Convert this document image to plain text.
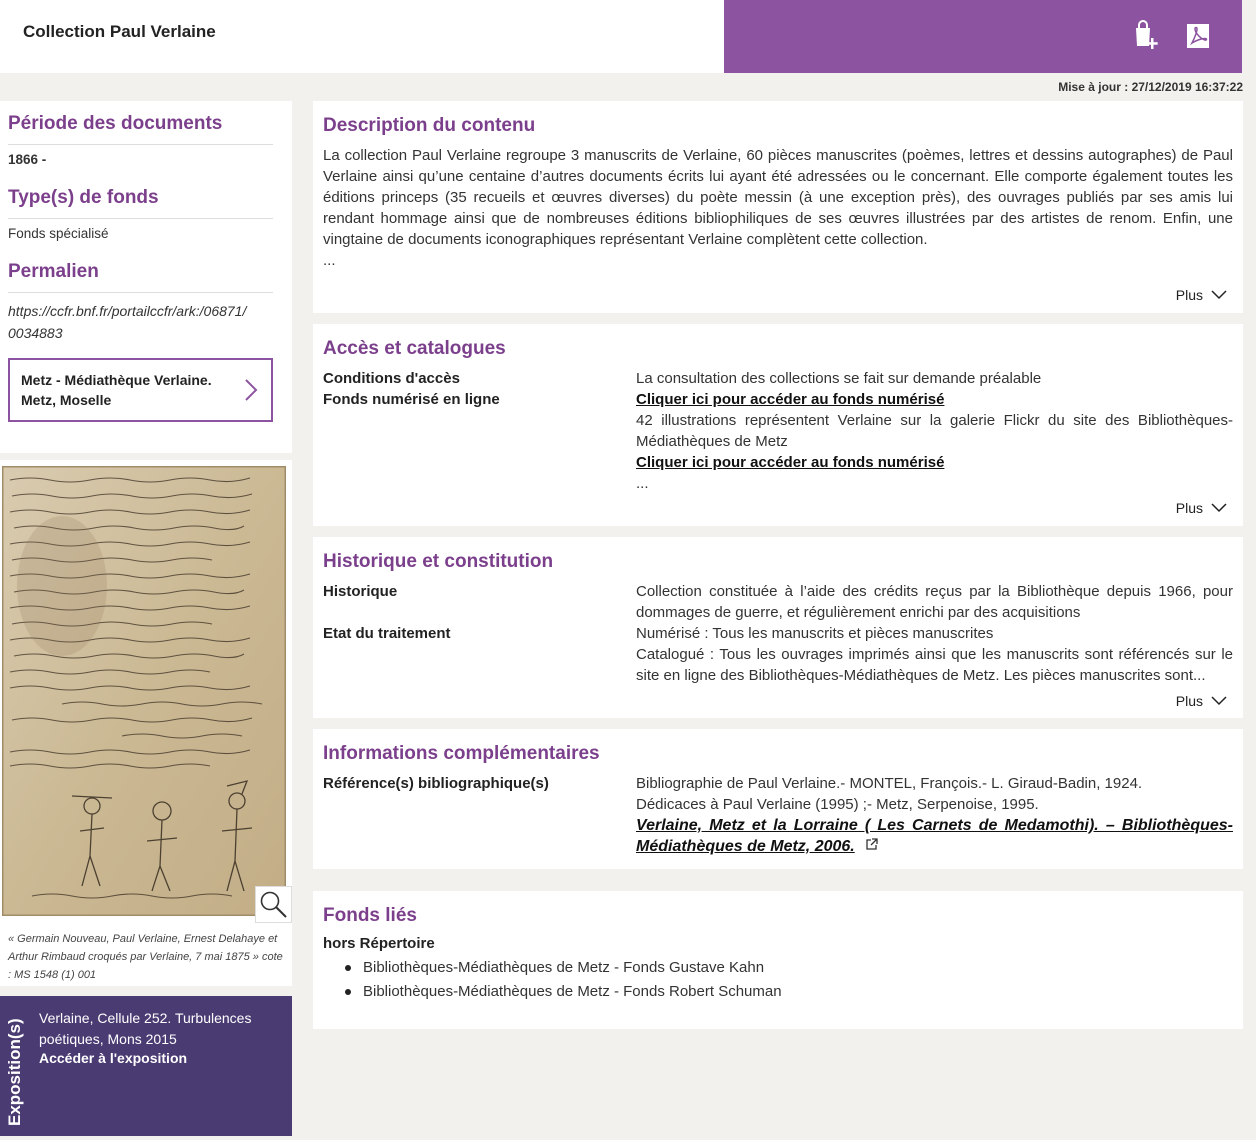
Collection Paul Verlaine
Mise à jour : 27/12/2019 16:37:22
Période des documents
1866 -
Type(s) de fonds
Fonds spécialisé
Permalien
https://ccfr.bnf.fr/portailccfr/ark:/06871/
0034883
Metz - Médiathèque Verlaine. Metz, Moselle
« Germain Nouveau, Paul Verlaine, Ernest Delahaye et Arthur Rimbaud croqués par Verlaine, 7 mai 1875 » cote : MS 1548 (1) 001
Exposition(s)
Verlaine, Cellule 252. Turbulences poétiques, Mons 2015
Accéder à l'exposition
Description du contenu
La collection Paul Verlaine regroupe 3 manuscrits de Verlaine, 60 pièces manuscrites (poèmes, lettres et dessins autographes) de Paul Verlaine ainsi qu’une centaine d’autres documents écrits lui ayant été adressées ou le concernant. Elle comporte également toutes les éditions princeps (35 recueils et œuvres diverses) du poète messin (à une exception près), des ouvrages publiés par ses amis lui rendant hommage ainsi que de nombreuses éditions bibliophiliques de ses œuvres illustrées par des artistes de renom. Enfin, une vingtaine de documents iconographiques représentant Verlaine complètent cette collection.
...
Plus
Accès et catalogues
Conditions d'accès	La consultation des collections se fait sur demande préalable
Fonds numérisé en ligne	Cliquer ici pour accéder au fonds numérisé
42 illustrations représentent Verlaine sur la galerie Flickr du site des Bibliothèques-Médiathèques de Metz
Cliquer ici pour accéder au fonds numérisé
...
Plus
Historique et constitution
Historique	Collection constituée à l’aide des crédits reçus par la Bibliothèque depuis 1966, pour dommages de guerre, et régulièrement enrichi par des acquisitions
Etat du traitement	Numérisé : Tous les manuscrits et pièces manuscrites
Catalogué : Tous les ouvrages imprimés ainsi que les manuscrits sont référencés sur le site en ligne des Bibliothèques-Médiathèques de Metz. Les pièces manuscrites sont...
Plus
Informations complémentaires
Référence(s) bibliographique(s)	Bibliographie de Paul Verlaine.- MONTEL, François.- L. Giraud-Badin, 1924.
Dédicaces à Paul Verlaine (1995) ;- Metz, Serpenoise, 1995.
Verlaine, Metz et la Lorraine ( Les Carnets de Medamothi). – Bibliothèques-Médiathèques de Metz, 2006.
Fonds liés
hors Répertoire
Bibliothèques-Médiathèques de Metz - Fonds Gustave Kahn
Bibliothèques-Médiathèques de Metz - Fonds Robert Schuman
